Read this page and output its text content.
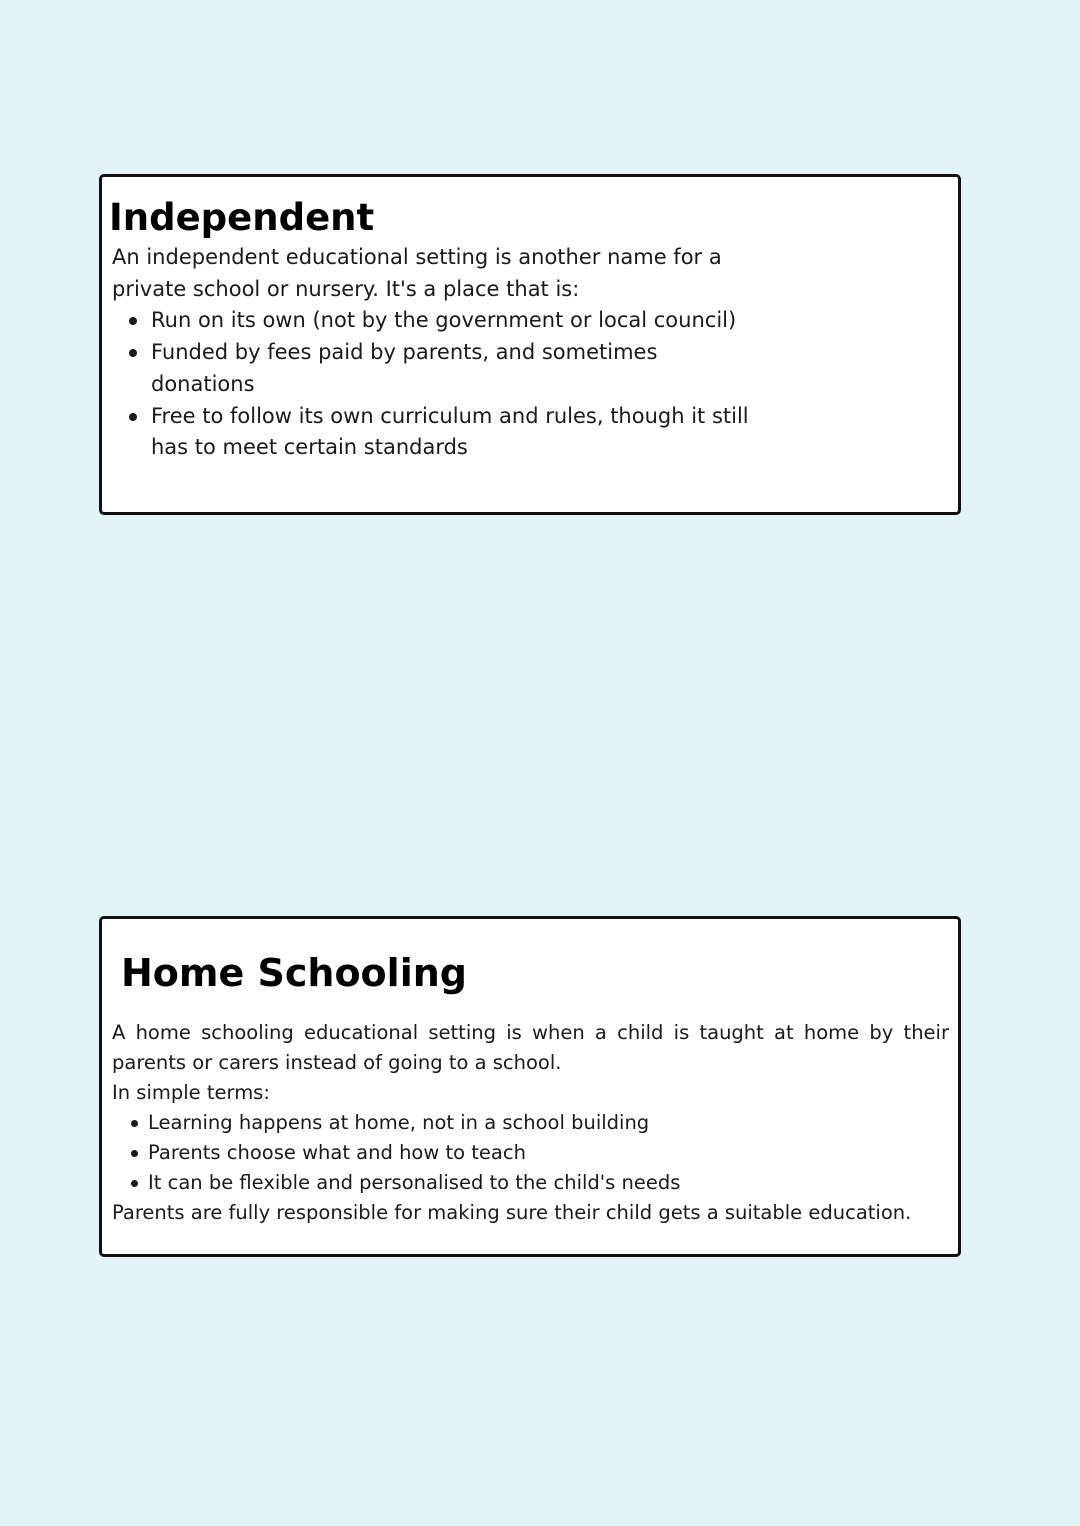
Independent

An independent educational setting is another name for a private school or nursery. It's a place that is:

Run on its own (not by the government or local council)
Funded by fees paid by parents, and sometimes donations
Free to follow its own curriculum and rules, though it still has to meet certain standards
Home Schooling

A home schooling educational setting is when a child is taught at home by their parents or carers instead of going to a school.

In simple terms:

Learning happens at home, not in a school building
Parents choose what and how to teach
It can be flexible and personalised to the child's needs

Parents are fully responsible for making sure their child gets a suitable education.
